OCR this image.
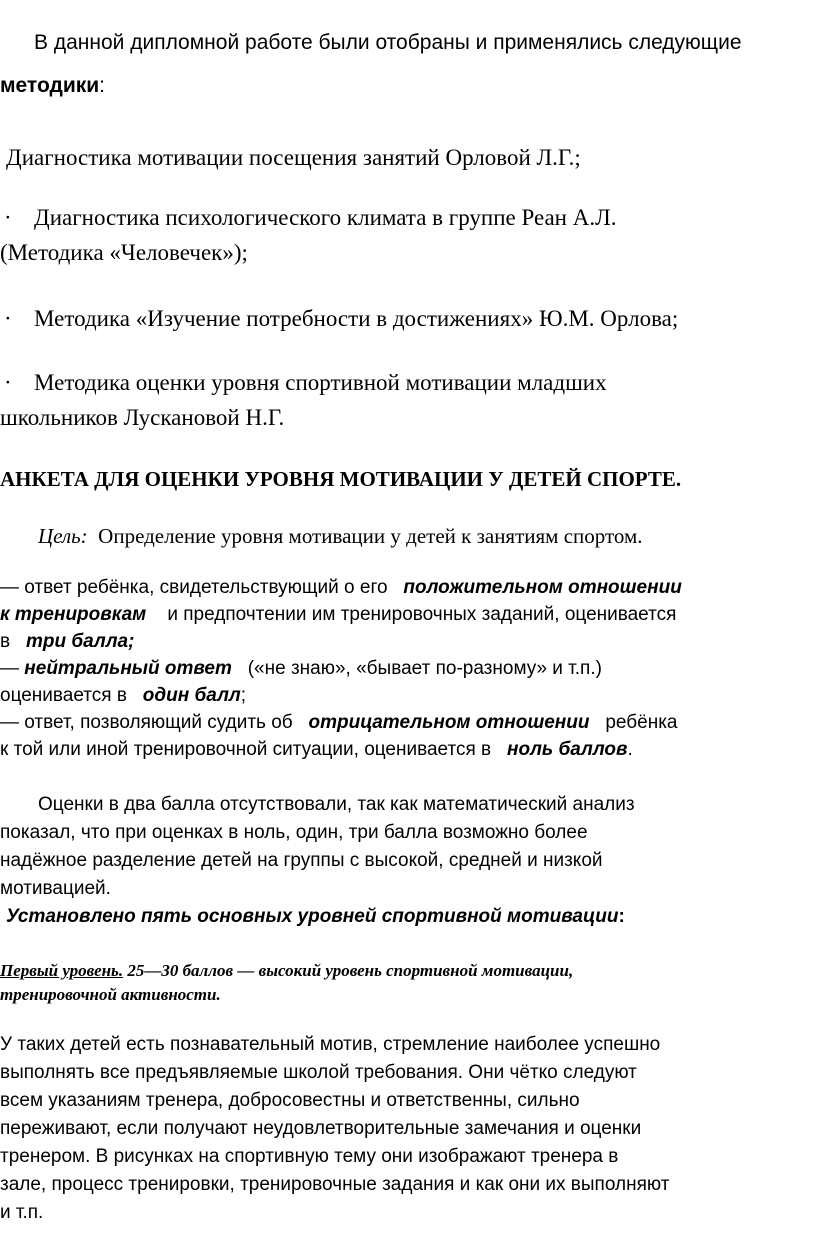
В данной дипломной работе были отобраны и применялись следующие
методики:
Диагностика мотивации посещения занятий Орловой Л.Г.;
· Диагностика психологического климата в группе Реан А.Л.
(Методика «Человечек»);
· Методика «Изучение потребности в достижениях» Ю.М. Орлова;
· Методика оценки уровня спортивной мотивации младших
школьников Лускановой Н.Г.
АНКЕТА ДЛЯ ОЦЕНКИ УРОВНЯ МОТИВАЦИИ У ДЕТЕЙ СПОРТЕ.
Цель: Определение уровня мотивации у детей к занятиям спортом.
— ответ ребёнка, свидетельствующий о его положительном отношении
к тренировкам и предпочтении им тренировочных заданий, оценивается
в три балла;
— нейтральный ответ («не знаю», «бывает по-разному» и т.п.)
оценивается в один балл;
— ответ, позволяющий судить об отрицательном отношении ребёнка
к той или иной тренировочной ситуации, оценивается в ноль баллов.
Оценки в два балла отсутствовали, так как математический анализ
показал, что при оценках в ноль, один, три балла возможно более
надёжное разделение детей на группы с высокой, средней и низкой
мотивацией.
Установлено пять основных уровней спортивной мотивации:
Первый уровень. 25—30 баллов — высокий уровень спортивной мотивации,
тренировочной активности.
У таких детей есть познавательный мотив, стремление наиболее успешно
выполнять все предъявляемые школой требования. Они чётко следуют
всем указаниям тренера, добросовестны и ответственны, сильно
переживают, если получают неудовлетворительные замечания и оценки
тренером. В рисунках на спортивную тему они изображают тренера в
зале, процесс тренировки, тренировочные задания и как они их выполняют
и т.п.
